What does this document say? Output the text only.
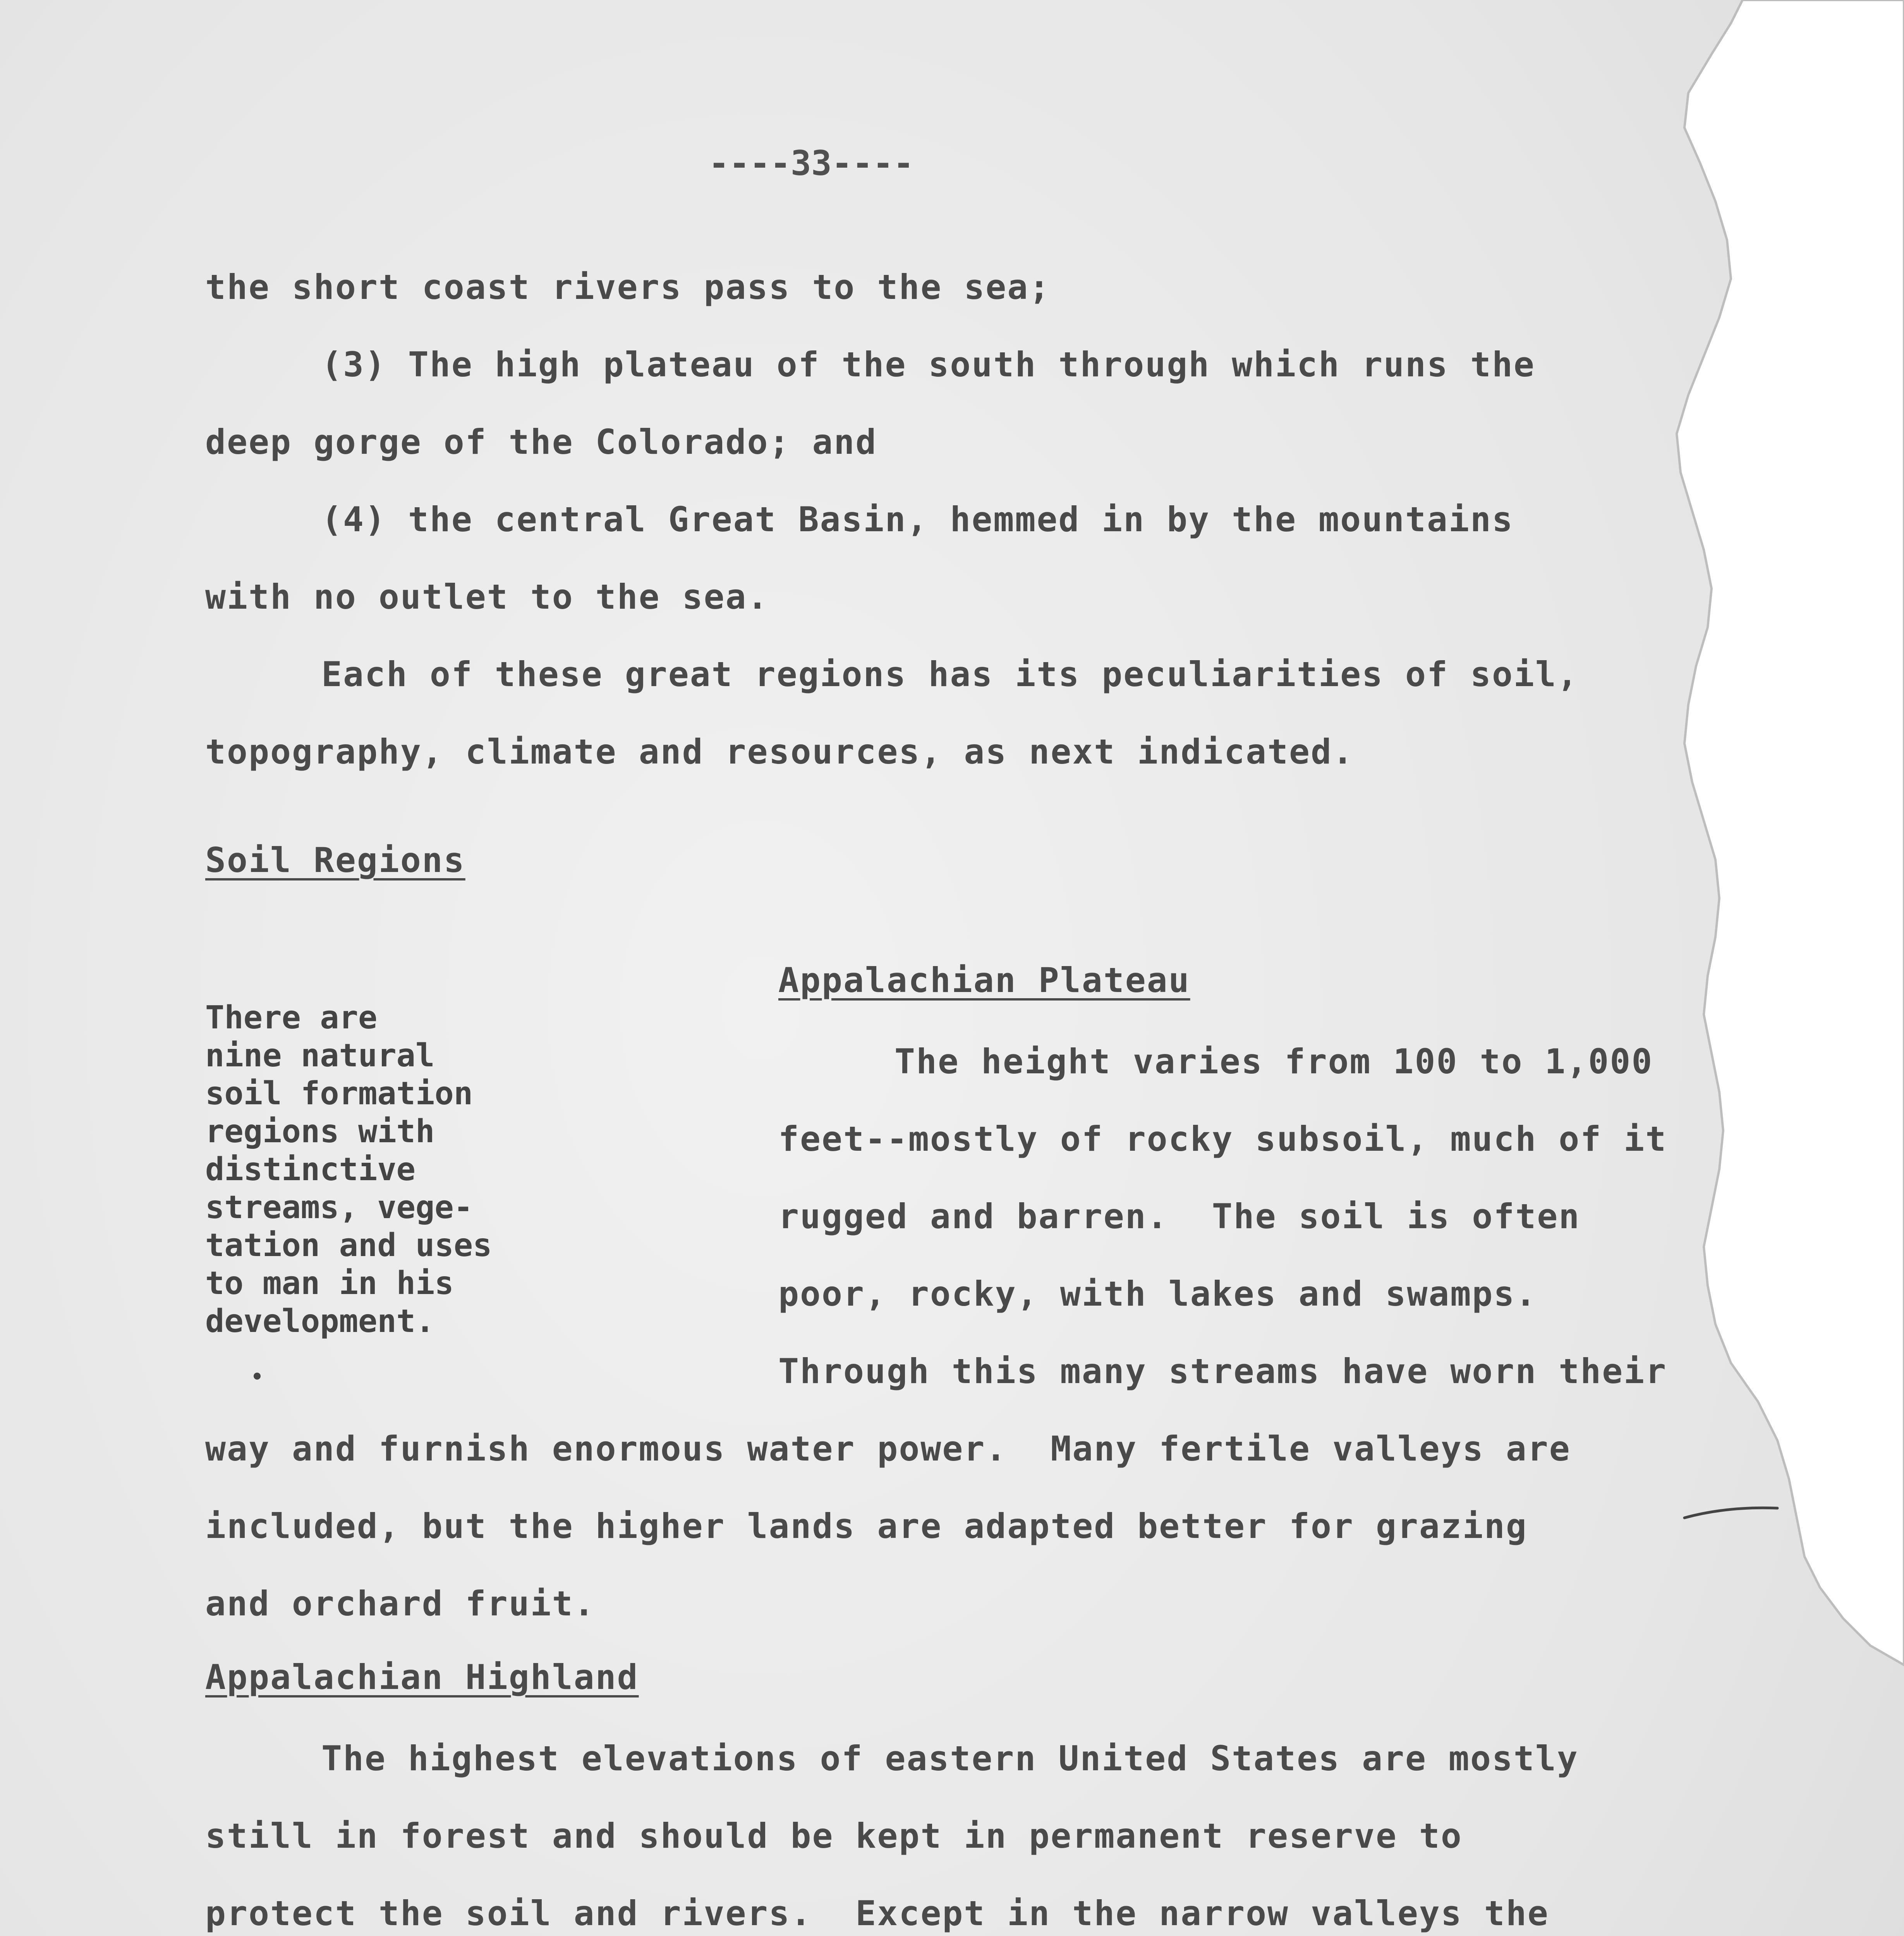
----33----
the short coast rivers pass to the sea;
(3) The high plateau of the south through which runs the
deep gorge of the Colorado; and
(4) the central Great Basin, hemmed in by the mountains
with no outlet to the sea.
Each of these great regions has its peculiarities of soil,
topography, climate and resources, as next indicated.
Soil Regions
There are
nine natural
soil formation
regions with
distinctive
streams, vege-
tation and uses
to man in his
development.
Appalachian Plateau
The height varies from 100 to 1,000
feet--mostly of rocky subsoil, much of it
rugged and barren.  The soil is often
poor, rocky, with lakes and swamps.
Through this many streams have worn their
way and furnish enormous water power.  Many fertile valleys are
included, but the higher lands are adapted better for grazing
and orchard fruit.
Appalachian Highland
The highest elevations of eastern United States are mostly
still in forest and should be kept in permanent reserve to
protect the soil and rivers.  Except in the narrow valleys the
